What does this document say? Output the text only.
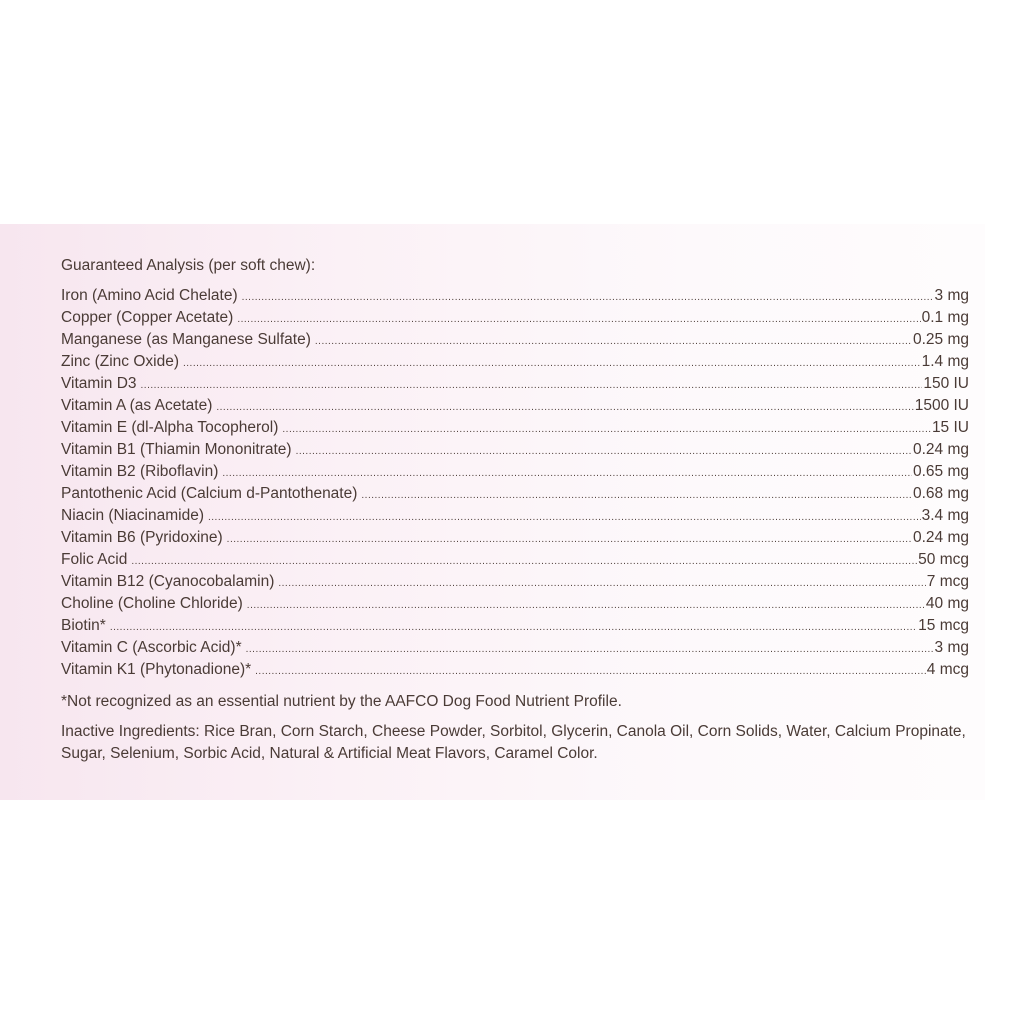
Guaranteed Analysis (per soft chew):
Iron (Amino Acid Chelate) .....	3 mg
Copper (Copper Acetate) .....	0.1 mg
Manganese (as Manganese Sulfate) .....	0.25 mg
Zinc (Zinc Oxide) .....	1.4 mg
Vitamin D3 .....	150 IU
Vitamin A (as Acetate) .....	1500 IU
Vitamin E (dl-Alpha Tocopherol) .....	15 IU
Vitamin B1 (Thiamin Mononitrate) .....	0.24 mg
Vitamin B2 (Riboflavin) .....	0.65 mg
Pantothenic Acid (Calcium d-Pantothenate) .....	0.68 mg
Niacin (Niacinamide) .....	3.4 mg
Vitamin B6 (Pyridoxine) .....	0.24 mg
Folic Acid .....	50 mcg
Vitamin B12 (Cyanocobalamin) .....	7 mcg
Choline (Choline Chloride) .....	40 mg
Biotin* .....	15 mcg
Vitamin C (Ascorbic Acid)* .....	3 mg
Vitamin K1 (Phytonadione)* .....	4 mcg
*Not recognized as an essential nutrient by the AAFCO Dog Food Nutrient Profile.
Inactive Ingredients: Rice Bran, Corn Starch, Cheese Powder, Sorbitol, Glycerin, Canola Oil, Corn Solids, Water, Calcium Propinate, Sugar, Selenium, Sorbic Acid, Natural & Artificial Meat Flavors, Caramel Color.
